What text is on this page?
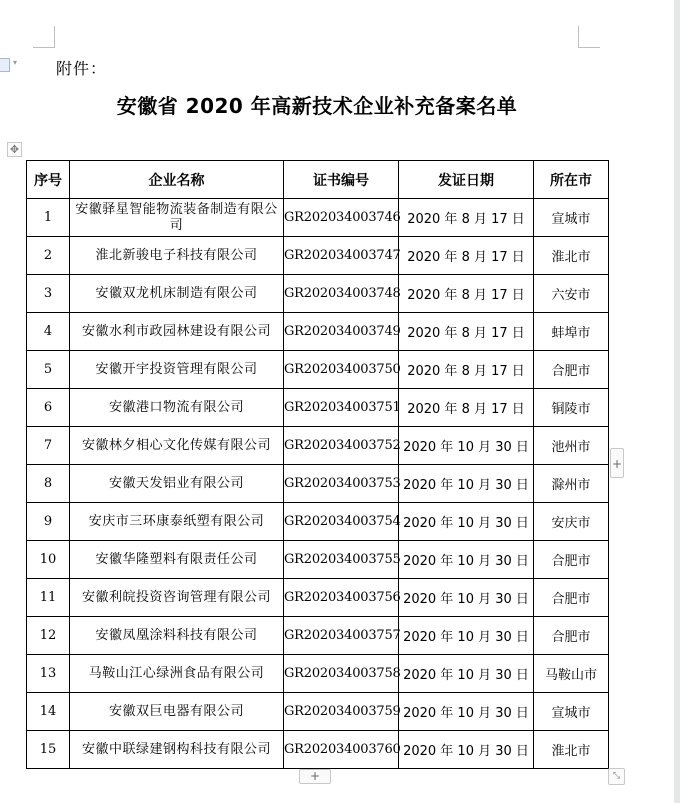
▾ 附件：
安徽省 2020 年高新技术企业补充备案名单
✥
序号	企业名称	证书编号	发证日期	所在市
1	安徽驿星智能物流装备制造有限公司	GR202034003746	2020 年 8 月 17 日	宣城市
2	淮北新骏电子科技有限公司	GR202034003747	2020 年 8 月 17 日	淮北市
3	安徽双龙机床制造有限公司	GR202034003748	2020 年 8 月 17 日	六安市
4	安徽水利市政园林建设有限公司	GR202034003749	2020 年 8 月 17 日	蚌埠市
5	安徽开宇投资管理有限公司	GR202034003750	2020 年 8 月 17 日	合肥市
6	安徽港口物流有限公司	GR202034003751	2020 年 8 月 17 日	铜陵市
7	安徽林夕相心文化传媒有限公司	GR202034003752	2020 年 10 月 30 日	池州市
8	安徽天发铝业有限公司	GR202034003753	2020 年 10 月 30 日	滁州市
9	安庆市三环康泰纸塑有限公司	GR202034003754	2020 年 10 月 30 日	安庆市
10	安徽华隆塑料有限责任公司	GR202034003755	2020 年 10 月 30 日	合肥市
11	安徽利皖投资咨询管理有限公司	GR202034003756	2020 年 10 月 30 日	合肥市
12	安徽凤凰涂料科技有限公司	GR202034003757	2020 年 10 月 30 日	合肥市
13	马鞍山江心绿洲食品有限公司	GR202034003758	2020 年 10 月 30 日	马鞍山市
14	安徽双巨电器有限公司	GR202034003759	2020 年 10 月 30 日	宣城市
15	安徽中联绿建钢构科技有限公司	GR202034003760	2020 年 10 月 30 日	淮北市
+
+	⤡
